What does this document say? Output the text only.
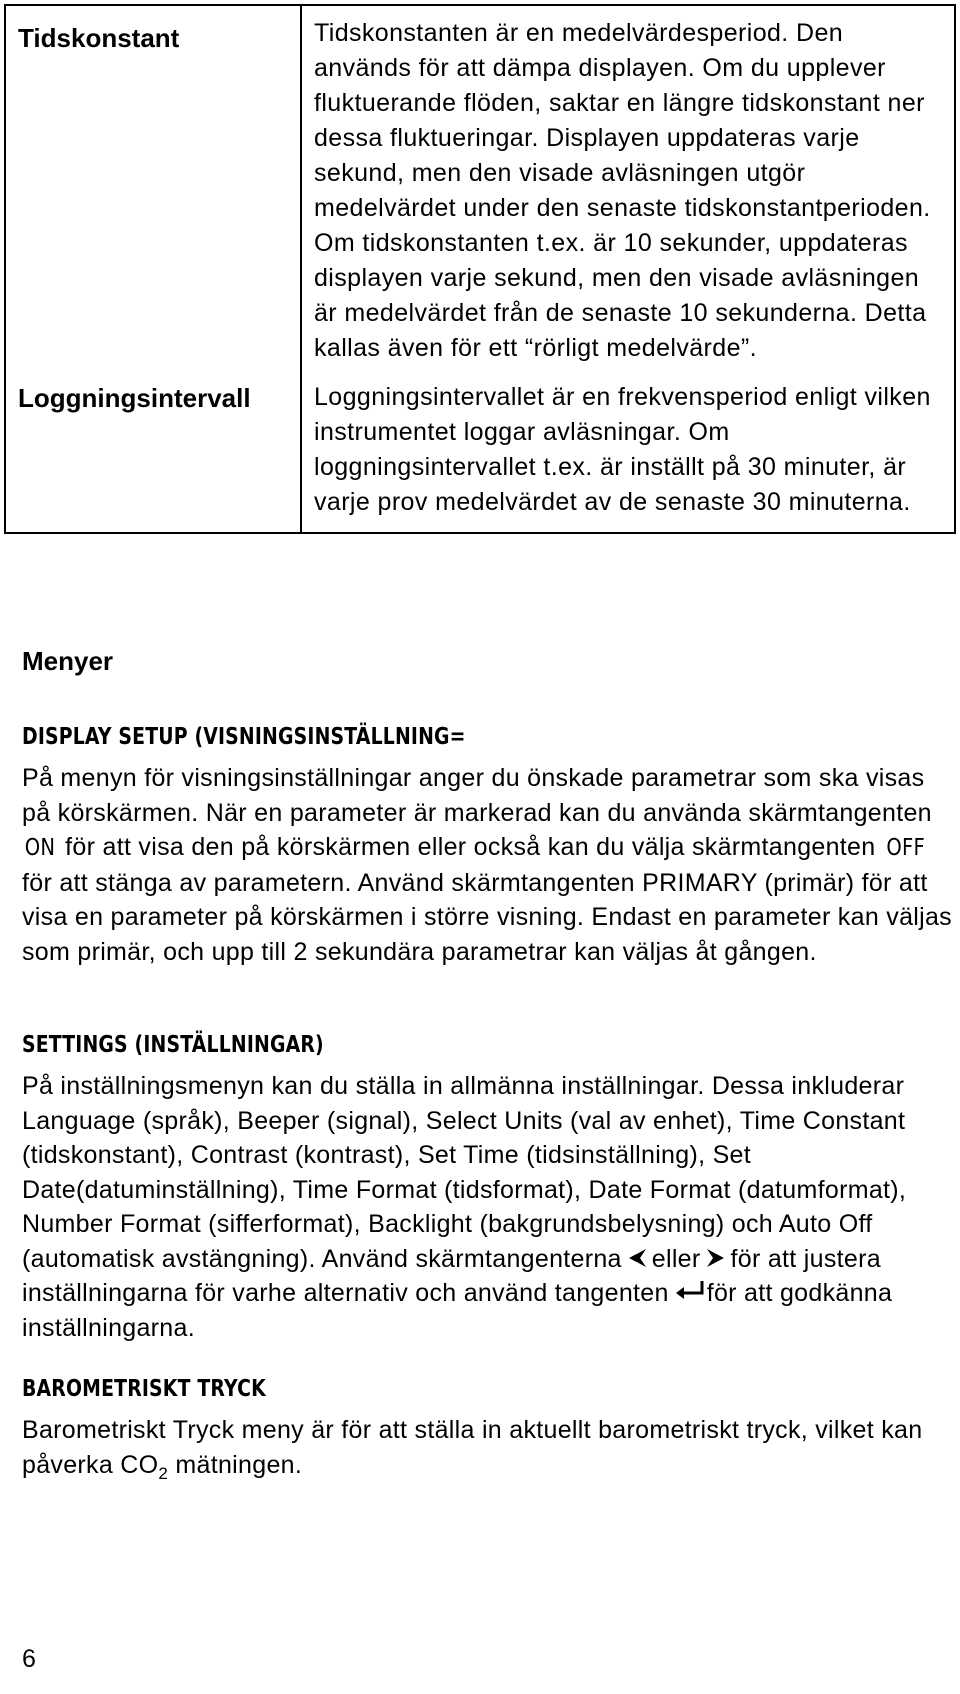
Tidskonstant	Tidskonstanten är en medelvärdesperiod. Den används för att dämpa displayen. Om du upplever fluktuerande flöden, saktar en längre tidskonstant ner dessa fluktueringar. Displayen uppdateras varje sekund, men den visade avläsningen utgör medelvärdet under den senaste tidskonstantperioden. Om tidskonstanten t.ex. är 10 sekunder, uppdateras displayen varje sekund, men den visade avläsningen är medelvärdet från de senaste 10 sekunderna. Detta kallas även för ett “rörligt medelvärde”.
Loggningsintervall	Loggningsintervallet är en frekvensperiod enligt vilken instrumentet loggar avläsningar. Om loggningsintervallet t.ex. är inställt på 30 minuter, är varje prov medelvärdet av de senaste 30 minuterna.
Menyer
DISPLAY SETUP (VISNINGSINSTÄLLNING=
På menyn för visningsinställningar anger du önskade parametrar som ska visas på körskärmen. När en parameter är markerad kan du använda skärmtangenten ON för att visa den på körskärmen eller också kan du välja skärmtangenten OFF för att stänga av parametern. Använd skärmtangenten PRIMARY (primär) för att visa en parameter på körskärmen i större visning. Endast en parameter kan väljas som primär, och upp till 2 sekundära parametrar kan väljas åt gången.
SETTINGS (INSTÄLLNINGAR)
På inställningsmenyn kan du ställa in allmänna inställningar. Dessa inkluderar Language (språk), Beeper (signal), Select Units (val av enhet), Time Constant (tidskonstant), Contrast (kontrast), Set Time (tidsinställning), Set Date(datuminställning), Time Format (tidsformat), Date Format (datumformat), Number Format (sifferformat), Backlight (bakgrundsbelysning) och Auto Off (automatisk avstängning). Använd skärmtangenterna eller för att justera inställningarna för varhe alternativ och använd tangenten för att godkänna inställningarna.
BAROMETRISKT TRYCK
Barometriskt Tryck meny är för att ställa in aktuellt barometriskt tryck, vilket kan påverka $CO_2$ mätningen.
6
